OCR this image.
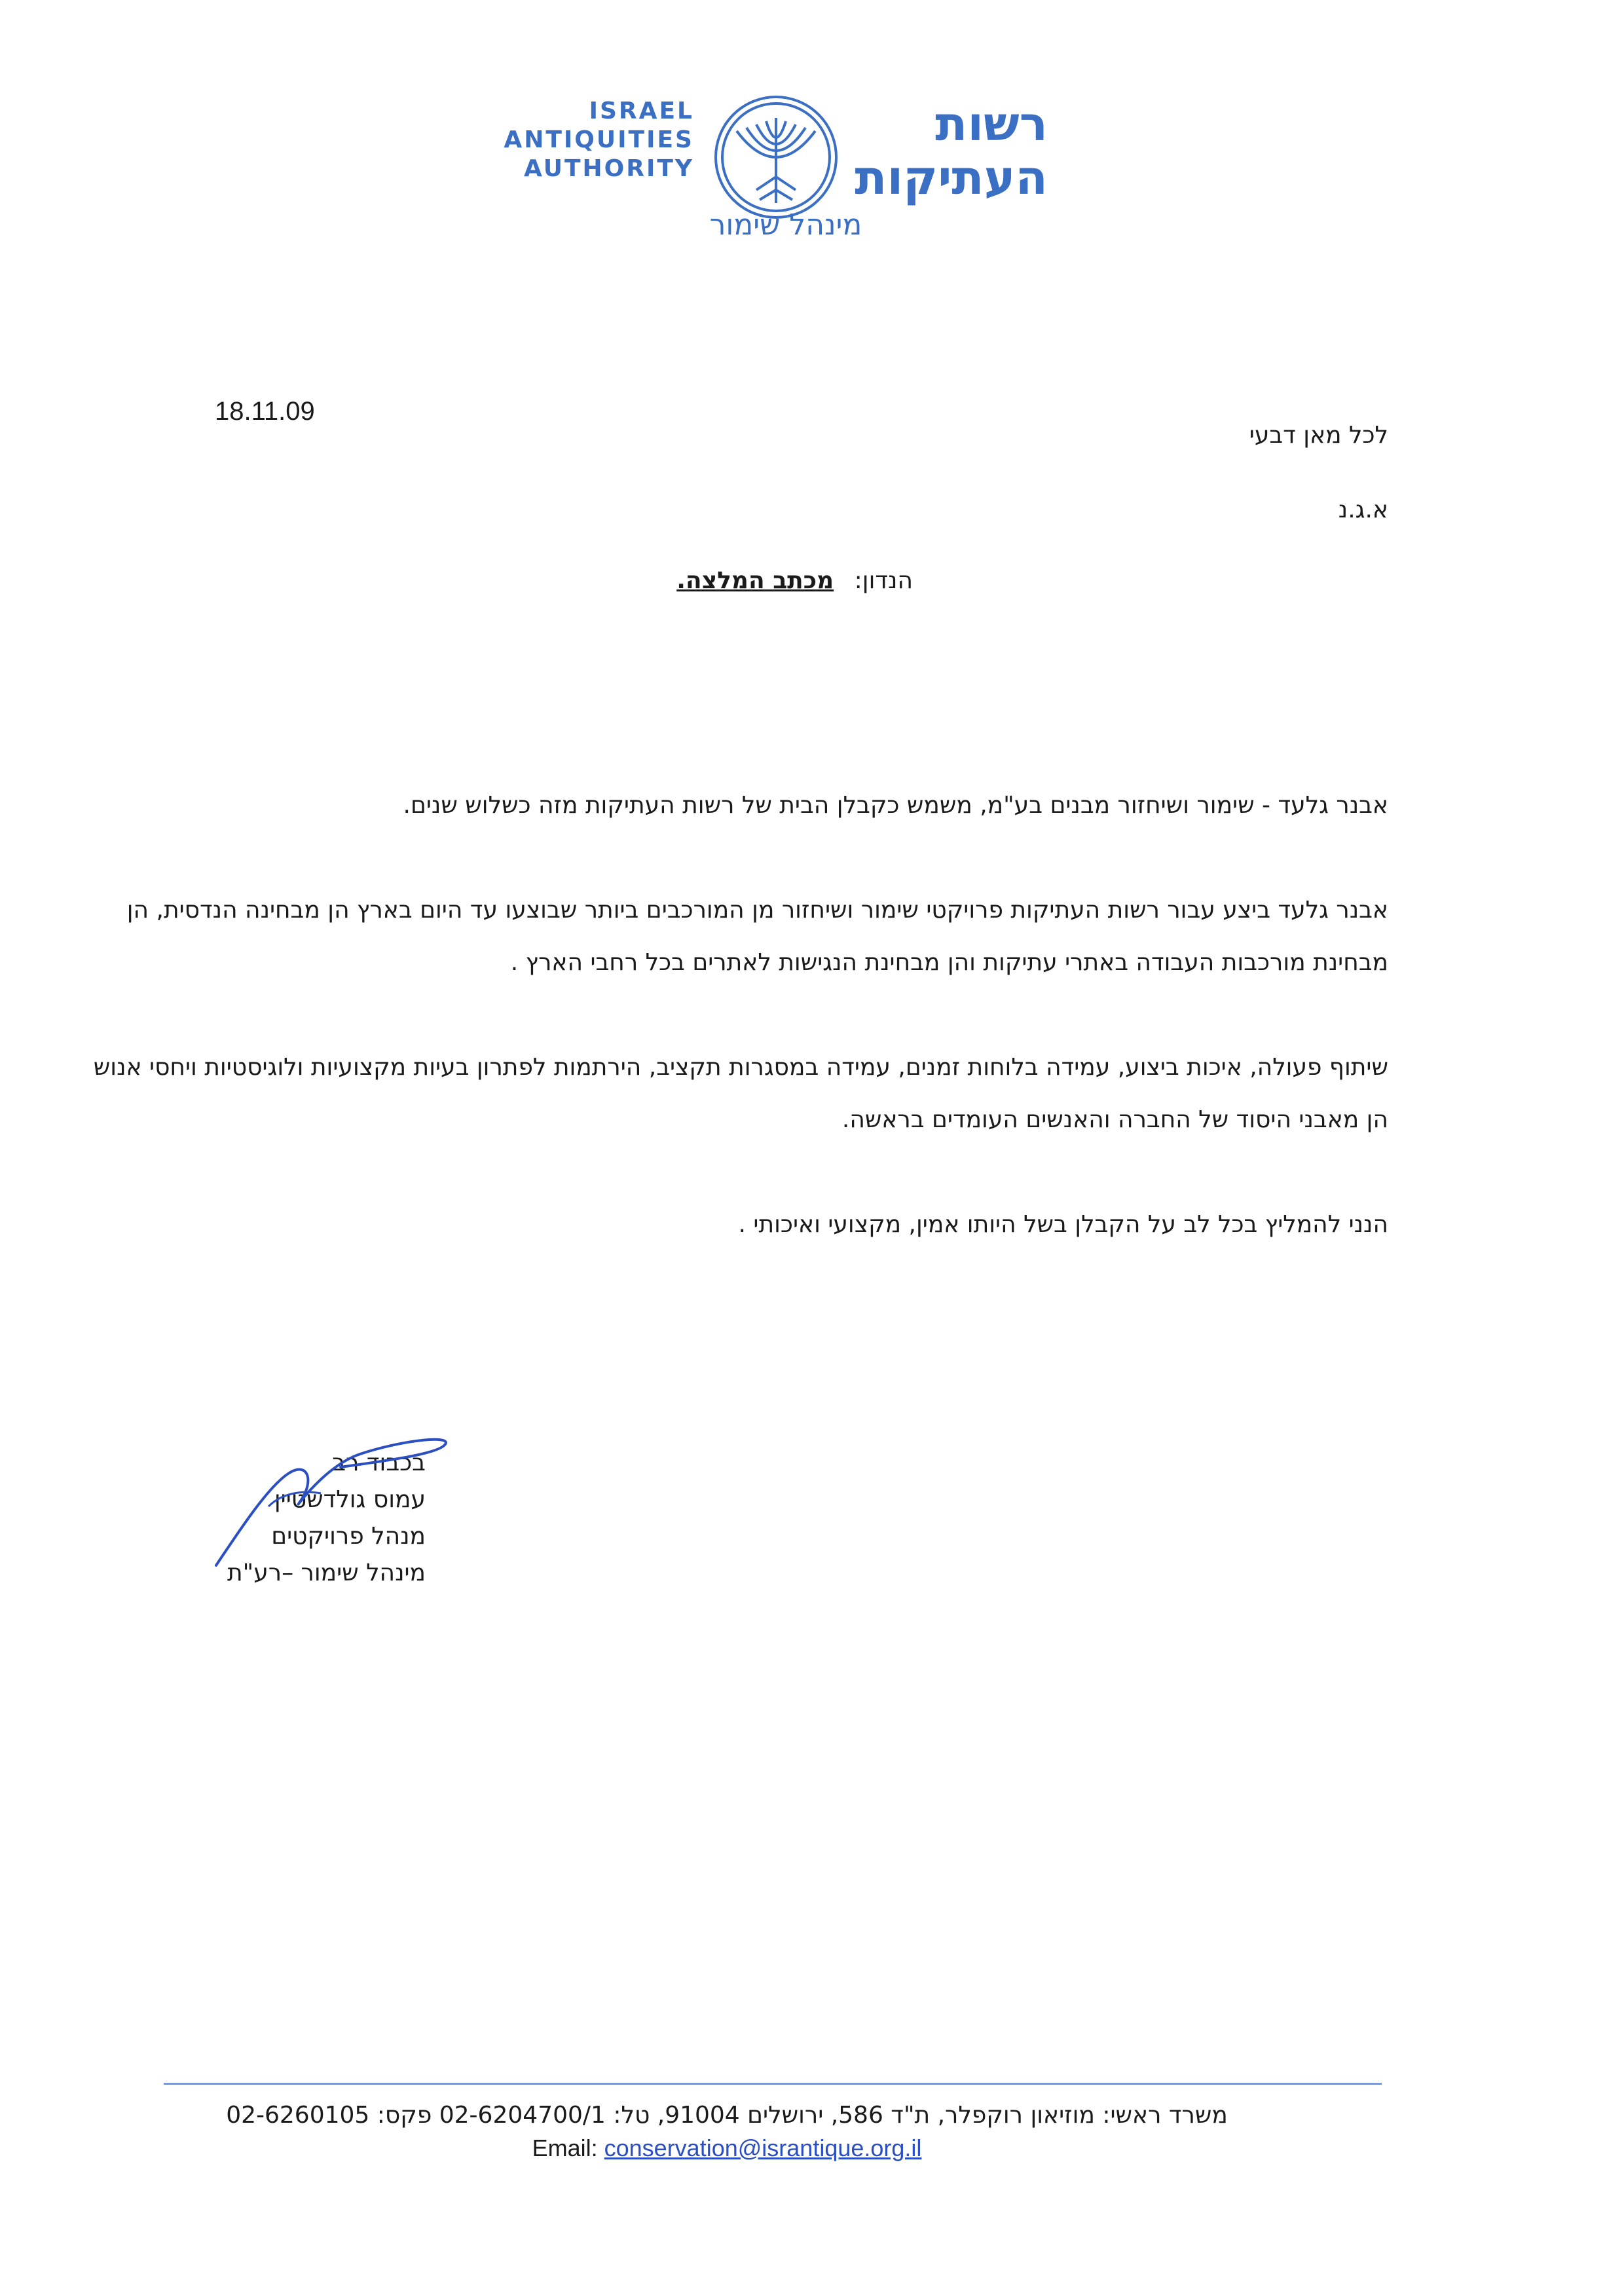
ISRAEL
ANTIQUITIES
AUTHORITY
רשות
העתיקות
מינהל שימור
18.11.09
לכל מאן דבעי
א.ג.נ
הנדון: מכתב המלצה.
אבנר גלעד - שימור ושיחזור מבנים בע"מ, משמש כקבלן הבית של רשות העתיקות מזה כשלוש שנים.
אבנר גלעד ביצע עבור רשות העתיקות פרויקטי שימור ושיחזור מן המורכבים ביותר שבוצעו עד היום בארץ הן מבחינה הנדסית, הן מבחינת מורכבות העבודה באתרי עתיקות והן מבחינת הנגישות לאתרים בכל רחבי הארץ .
שיתוף פעולה, איכות ביצוע, עמידה בלוחות זמנים, עמידה במסגרות תקציב, הירתמות לפתרון בעיות מקצועיות ולוגיסטיות ויחסי אנוש הן מאבני היסוד של החברה והאנשים העומדים בראשה.
הנני להמליץ בכל לב על הקבלן בשל היותו אמין, מקצועי ואיכותי .
בכבוד רב
עמוס גולדשטיין
מנהל פרויקטים
מינהל שימור –רע"ת
משרד ראשי: מוזיאון רוקפלר, ת"ד 586, ירושלים 91004, טל: 02-6204700/1 פקס: 02-6260105
Email: conservation@israntique.org.il
